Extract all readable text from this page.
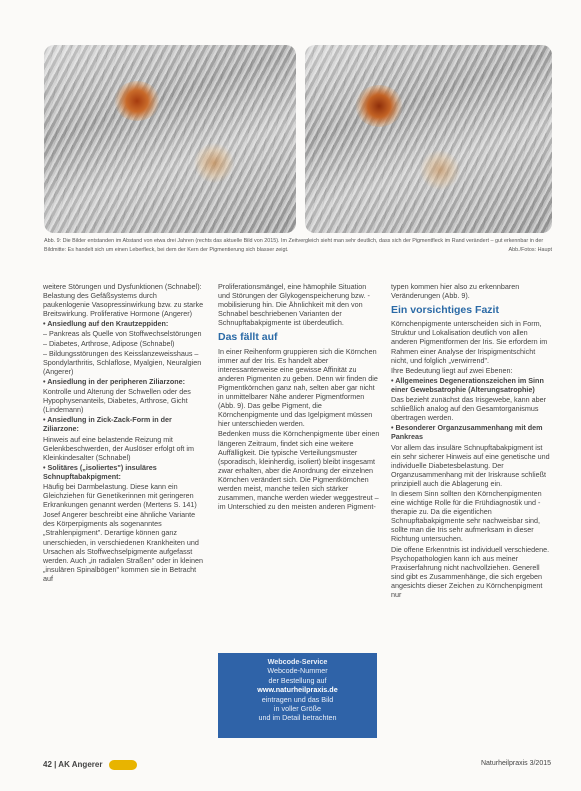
Abb. 9: Die Bilder entstanden im Abstand von etwa drei Jahren (rechts das aktuelle Bild von 2015). Im Zeitvergleich sieht man sehr deutlich, dass sich der Pigmentfleck im Rand verändert – gut erkennbar in der Bildmitte: Es handelt sich um einen Leberfleck, bei dem der Kern der Pigmentierung sich blasser zeigt.	Abb./Fotos: Haupt

weitere Störungen und Dysfunktionen (Schnabel): Belastung des Gefäßsystems durch paukenlogenie Vasopressinwirkung bzw. zu starke Breitswirkung. Proliferative Hormone (Angerer)

• Ansiedlung auf den Krautzeppiden:

– Pankreas als Quelle von Stoffwechselstörungen – Diabetes, Arthrose, Adipose (Schnabel)

– Bildungsstörungen des Keisslanzeweisshaus – Spondylarthritis, Schlaflose, Myalgien, Neuralgien (Angerer)

• Ansiedlung in der peripheren Ziliarzone:

Kontrolle und Alterung der Schwellen oder des Hypophysenanteils, Diabetes, Arthrose, Gicht (Lindemann)

• Ansiedlung in Zick-Zack-Form in der Ziliarzone:

Hinweis auf eine belastende Reizung mit Gelenkbeschwerden, der Auslöser erfolgt oft im Kleinkindesalter (Schnabel)

• Solitäres („isoliertes") insuläres Schnupftabakpigment:

Häufig bei Darmbelastung. Diese kann ein Gleichziehen für Genetikerinnen mit geringeren Erkrankungen genannt werden (Mertens S. 141)

Josef Angerer beschreibt eine ähnliche Variante des Körperpigments als sogenanntes „Strahlenpigment". Derartige können ganz unerschieden, in verschiedenen Krankheiten und Ursachen als Stoffwechselpigmente aufgefasst werden. Auch „in radialen Straßen" oder in kleinen „insulären Spinalbögen" kommen sie in Betracht auf

Proliferationsmängel, eine hämophile Situation und Störungen der Glykogenspeicherung bzw. -mobilisierung hin. Die Ähnlichkeit mit den von Schnabel beschriebenen Varianten der Schnupftabakpigmente ist überdeutlich.

Das fällt auf

In einer Reihenform gruppieren sich die Körnchen immer auf der Iris. Es handelt aber interessanterweise eine gewisse Affinität zu anderen Pigmenten zu geben. Denn wir finden die Pigmentkörnchen ganz nah, selten aber gar nicht in unmittelbarer Nähe anderer Pigmentformen (Abb. 9). Das gelbe Pigment, die Körnchenpigmente und das Igelpigment müssen hier unterschieden werden.

Bedenken muss die Körnchenpigmente über einen längeren Zeitraum, findet sich eine weitere Auffälligkeit. Die typische Verteilungsmuster (sporadisch, kleinherdig, isoliert) bleibt insgesamt zwar erhalten, aber die Anordnung der einzelnen Körnchen verändert sich. Die Pigmentkörnchen werden meist, manche teilen sich stärker zusammen, manche werden wieder weggestreut – im Unterschied zu den meisten anderen Pigment-

Webcode-Service
Webcode-Nummer
der Bestellung auf
www.naturheilpraxis.de
eintragen und das Bild
in voller Größe
und im Detail betrachten

typen kommen hier also zu erkennbaren Veränderungen (Abb. 9).

Ein vorsichtiges Fazit

Körnchenpigmente unterscheiden sich in Form, Struktur und Lokalisation deutlich von allen anderen Pigmentformen der Iris. Sie erfordern im Rahmen einer Analyse der Irispigmentschicht nicht, und folglich „verwirrend".

Ihre Bedeutung liegt auf zwei Ebenen:

• Allgemeines Degenerationszeichen im Sinn einer Gewebsatrophie (Alterungsatrophie)

Das bezieht zunächst das Irisgewebe, kann aber schließlich analog auf den Gesamtorganismus übertragen werden.

• Besonderer Organzusammenhang mit dem Pankreas

Vor allem das insuläre Schnupftabakpigment ist ein sehr sicherer Hinweis auf eine genetische und individuelle Diabetesbelastung. Der Organzusammenhang mit der Iriskrause schließt prinzipiell auch die Ablagerung ein.

In diesem Sinn sollten den Körnchenpigmenten eine wichtige Rolle für die Frühdiagnostik und -therapie zu. Da die eigentlichen Schnupftabakpigmente sehr nachweisbar sind, sollte man die Iris sehr aufmerksam in dieser Richtung untersuchen.

Die offene Erkenntnis ist individuell verschiedene. Psychopathologien kann ich aus meiner Praxiserfahrung nicht nachvollziehen. Generell sind gibt es Zusammenhänge, die sich ergeben angesichts dieser Zeichen zu Körnchenpigment nur

42 | AK Angerer	Naturheilpraxis 3/2015
